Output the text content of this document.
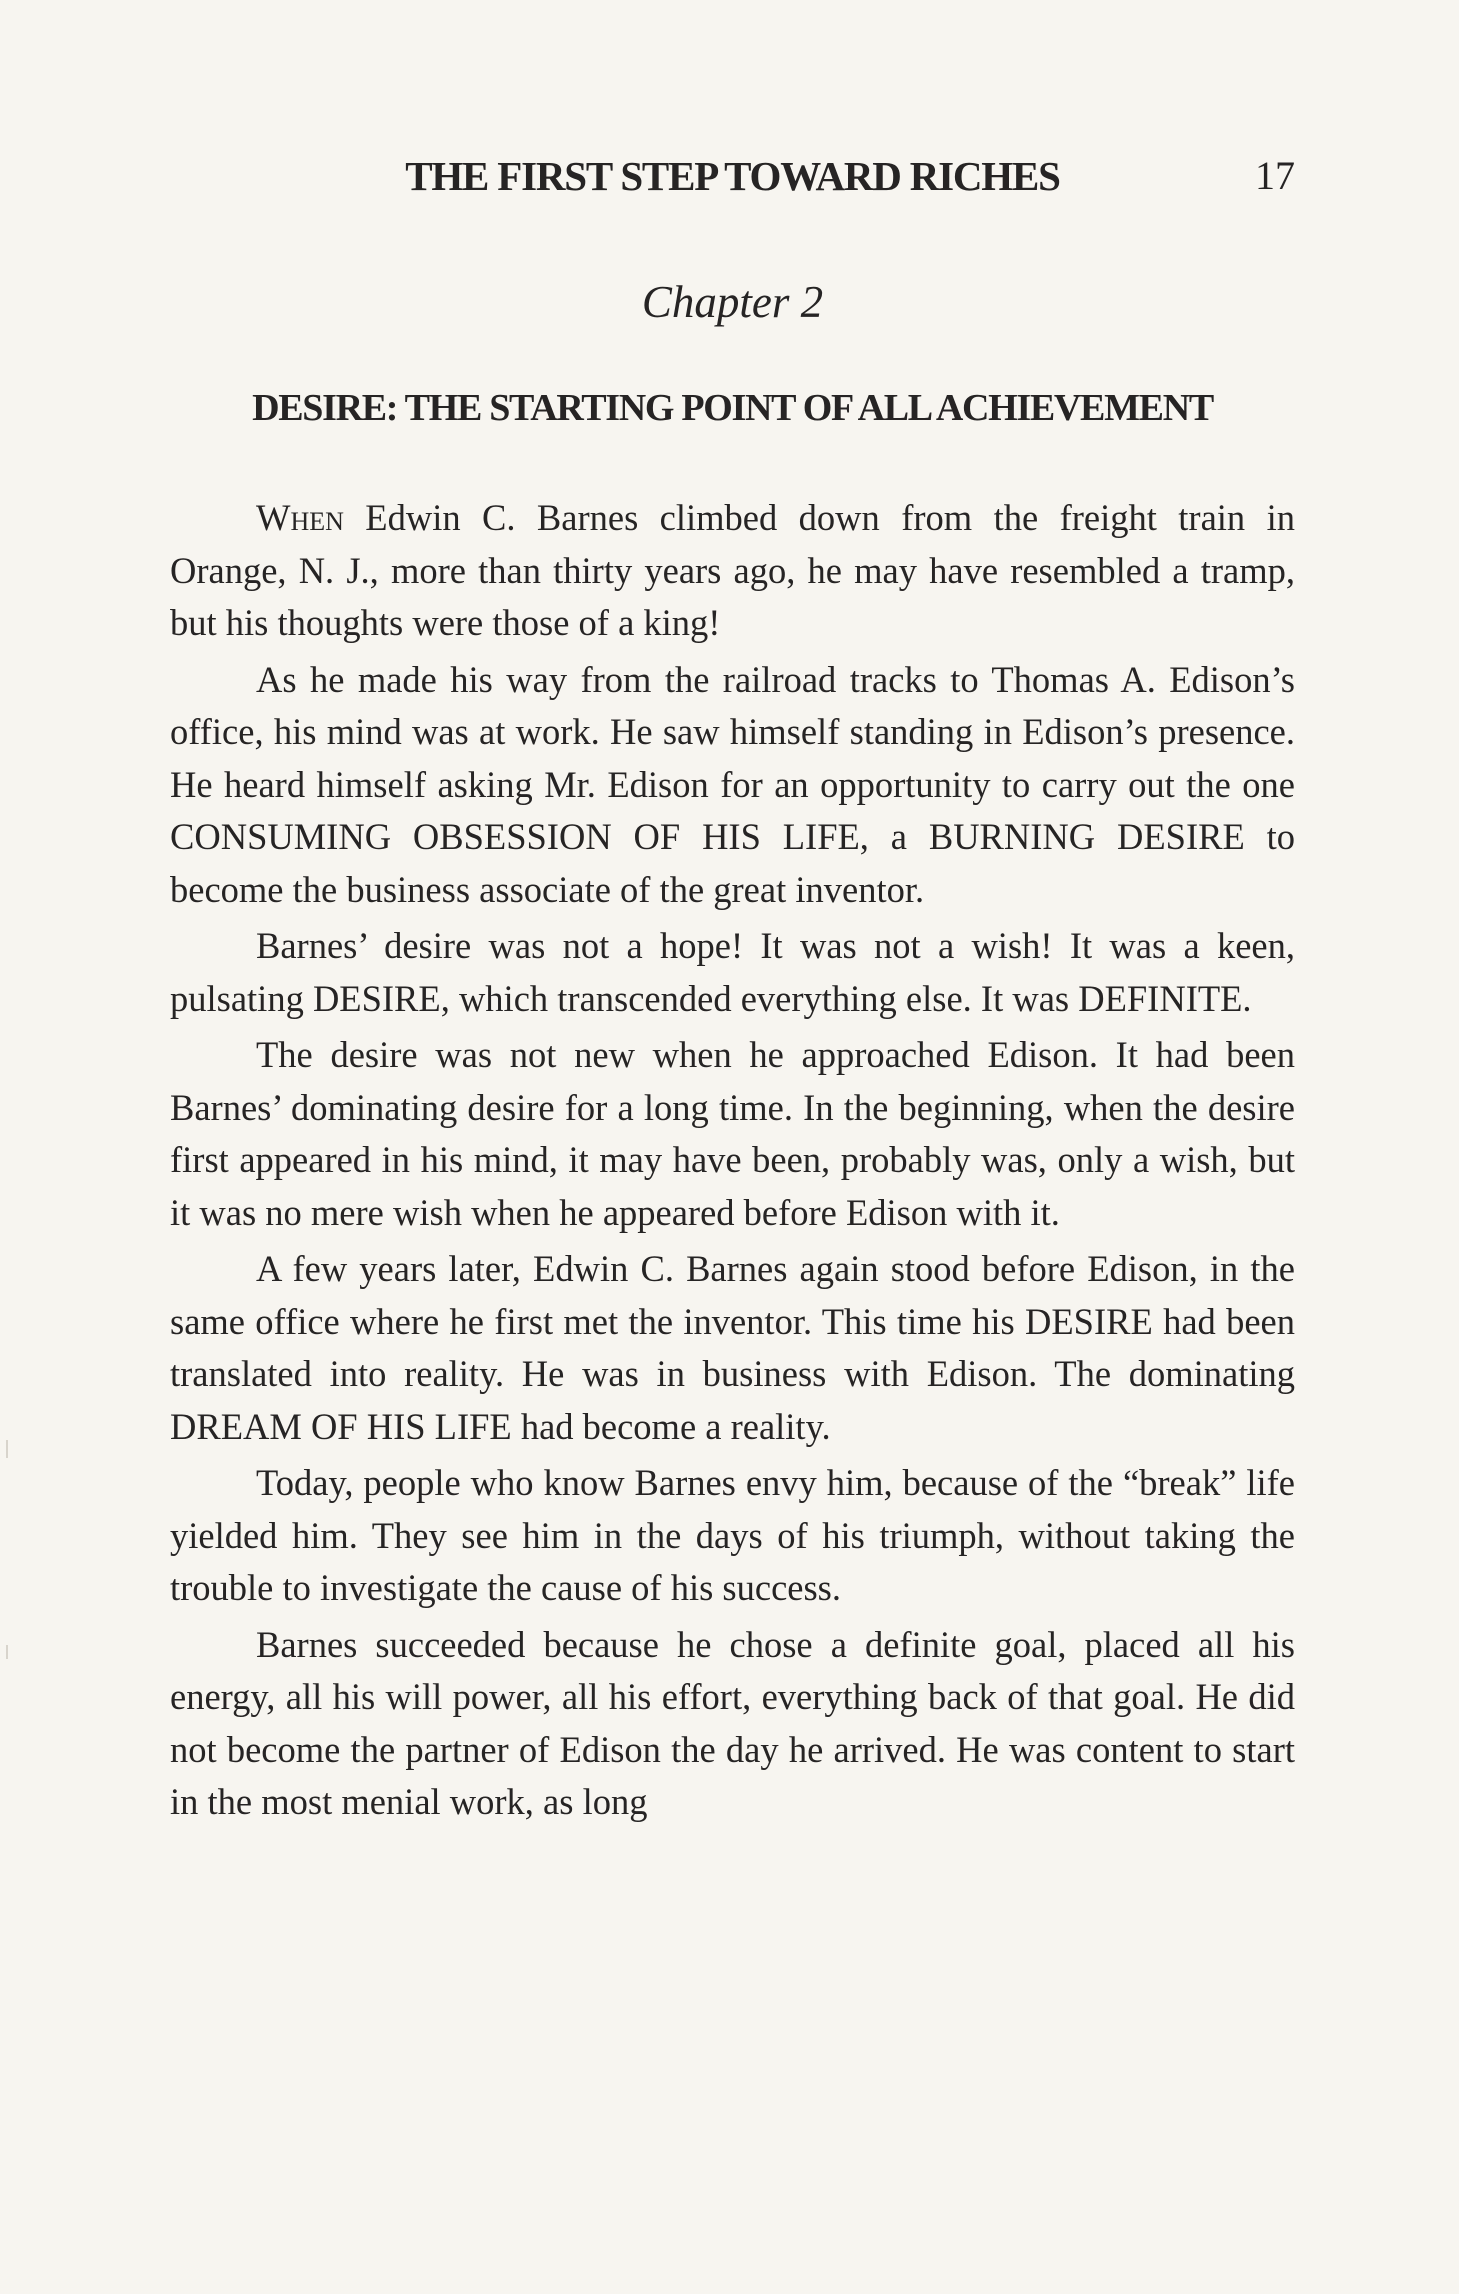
THE FIRST STEP TOWARD RICHES	17
Chapter 2
DESIRE: THE STARTING POINT OF ALL ACHIEVEMENT

When Edwin C. Barnes climbed down from the freight train in Orange, N. J., more than thirty years ago, he may have resembled a tramp, but his thoughts were those of a king!

As he made his way from the railroad tracks to Thomas A. Edison’s office, his mind was at work. He saw himself standing in Edison’s presence. He heard himself asking Mr. Edison for an opportunity to carry out the one CONSUMING OBSESSION OF HIS LIFE, a BURNING DESIRE to become the business associate of the great inventor.

Barnes’ desire was not a hope! It was not a wish! It was a keen, pulsating DESIRE, which transcended everything else. It was DEFINITE.

The desire was not new when he approached Edison. It had been Barnes’ dominating desire for a long time. In the beginning, when the desire first appeared in his mind, it may have been, probably was, only a wish, but it was no mere wish when he appeared before Edison with it.

A few years later, Edwin C. Barnes again stood before Edison, in the same office where he first met the inventor. This time his DESIRE had been translated into reality. He was in business with Edison. The dominating DREAM OF HIS LIFE had become a reality.

Today, people who know Barnes envy him, because of the “break” life yielded him. They see him in the days of his triumph, without taking the trouble to investigate the cause of his success.

Barnes succeeded because he chose a definite goal, placed all his energy, all his will power, all his effort, everything back of that goal. He did not become the partner of Edison the day he arrived. He was content to start in the most menial work, as long
